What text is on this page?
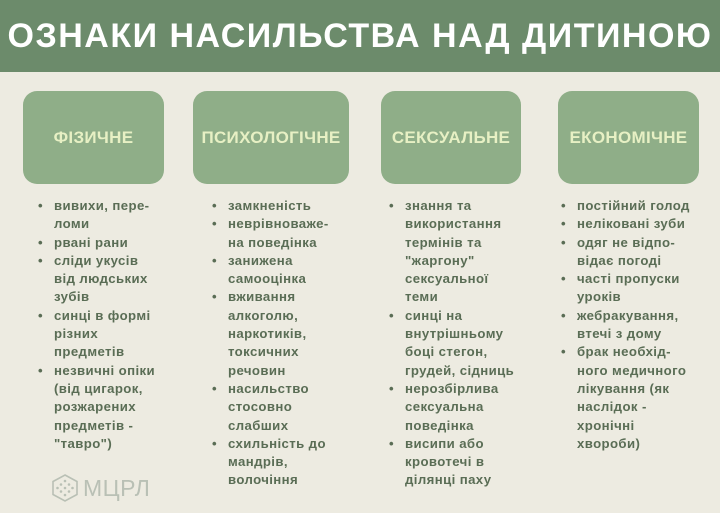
ОЗНАКИ НАСИЛЬСТВА НАД ДИТИНОЮ
ФІЗИЧНЕ
• вивихи, пере-
ломи
• рвані рани
• сліди укусів
від людських
зубів
• синці в формі
різних
предметів
• незвичні опіки
(від цигарок,
розжарених
предметів -
"тавро")
ПСИХОЛОГІЧНЕ
• замкненість
• неврівноваже-
на поведінка
• занижена
самооцінка
• вживання
алкоголю,
наркотиків,
токсичних
речовин
• насильство
стосовно
слабших
• схильність до
мандрів,
волочіння
СЕКСУАЛЬНЕ
• знання та
використання
термінів та
"жаргону"
сексуальної
теми
• синці на
внутрішньому
боці стегон,
грудей, сідниць
• нерозбірлива
сексуальна
поведінка
• висипи або
кровотечі в
ділянці паху
ЕКОНОМІЧНЕ
• постійний голод
• неліковані зуби
• одяг не відпо-
відає погоді
• часті пропуски
уроків
• жебракування,
втечі з дому
• брак необхід-
ного медичного
лікування (як
наслідок -
хронічні
хвороби)
МЦРЛ
